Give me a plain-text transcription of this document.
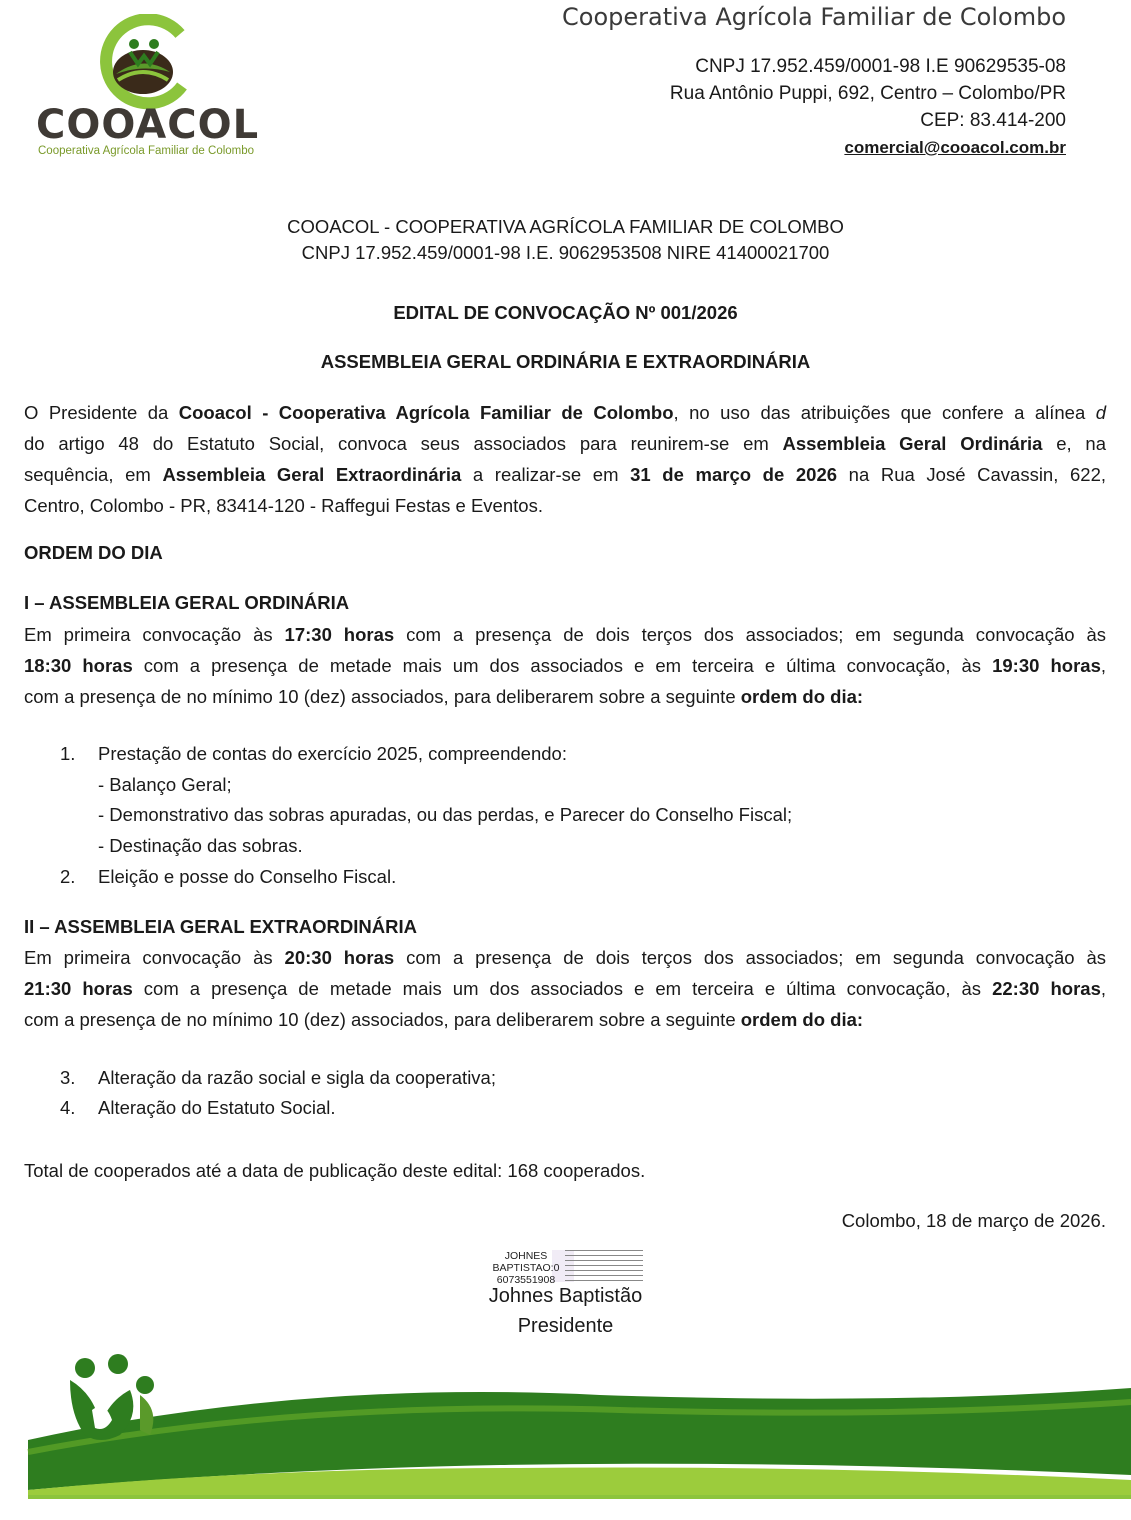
COOACOL
Cooperativa Agrícola Familiar de Colombo
Cooperativa Agrícola Familiar de Colombo
CNPJ 17.952.459/0001-98 I.E 90629535-08
Rua Antônio Puppi, 692, Centro – Colombo/PR
CEP: 83.414-200
comercial@cooacol.com.br
COOACOL - COOPERATIVA AGRÍCOLA FAMILIAR DE COLOMBO
CNPJ 17.952.459/0001-98 I.E. 9062953508 NIRE 41400021700
EDITAL DE CONVOCAÇÃO Nº 001/2026
ASSEMBLEIA GERAL ORDINÁRIA E EXTRAORDINÁRIA
O Presidente da Cooacol - Cooperativa Agrícola Familiar de Colombo, no uso das atribuições que confere a alínea d
do artigo 48 do Estatuto Social, convoca seus associados para reunirem-se em Assembleia Geral Ordinária e, na
sequência, em Assembleia Geral Extraordinária a realizar-se em 31 de março de 2026 na Rua José Cavassin, 622,
Centro, Colombo - PR, 83414-120 - Raffegui Festas e Eventos.
ORDEM DO DIA
I – ASSEMBLEIA GERAL ORDINÁRIA
Em primeira convocação às 17:30 horas com a presença de dois terços dos associados; em segunda convocação às
18:30 horas com a presença de metade mais um dos associados e em terceira e última convocação, às 19:30 horas,
com a presença de no mínimo 10 (dez) associados, para deliberarem sobre a seguinte ordem do dia:
1. Prestação de contas do exercício 2025, compreendendo:
- Balanço Geral;
- Demonstrativo das sobras apuradas, ou das perdas, e Parecer do Conselho Fiscal;
- Destinação das sobras.
2. Eleição e posse do Conselho Fiscal.
II – ASSEMBLEIA GERAL EXTRAORDINÁRIA
Em primeira convocação às 20:30 horas com a presença de dois terços dos associados; em segunda convocação às
21:30 horas com a presença de metade mais um dos associados e em terceira e última convocação, às 22:30 horas,
com a presença de no mínimo 10 (dez) associados, para deliberarem sobre a seguinte ordem do dia:
3. Alteração da razão social e sigla da cooperativa;
4. Alteração do Estatuto Social.
Total de cooperados até a data de publicação deste edital: 168 cooperados.
Colombo, 18 de março de 2026.
JOHNES BAPTISTAO:0 6073551908
Johnes Baptistão
Presidente
